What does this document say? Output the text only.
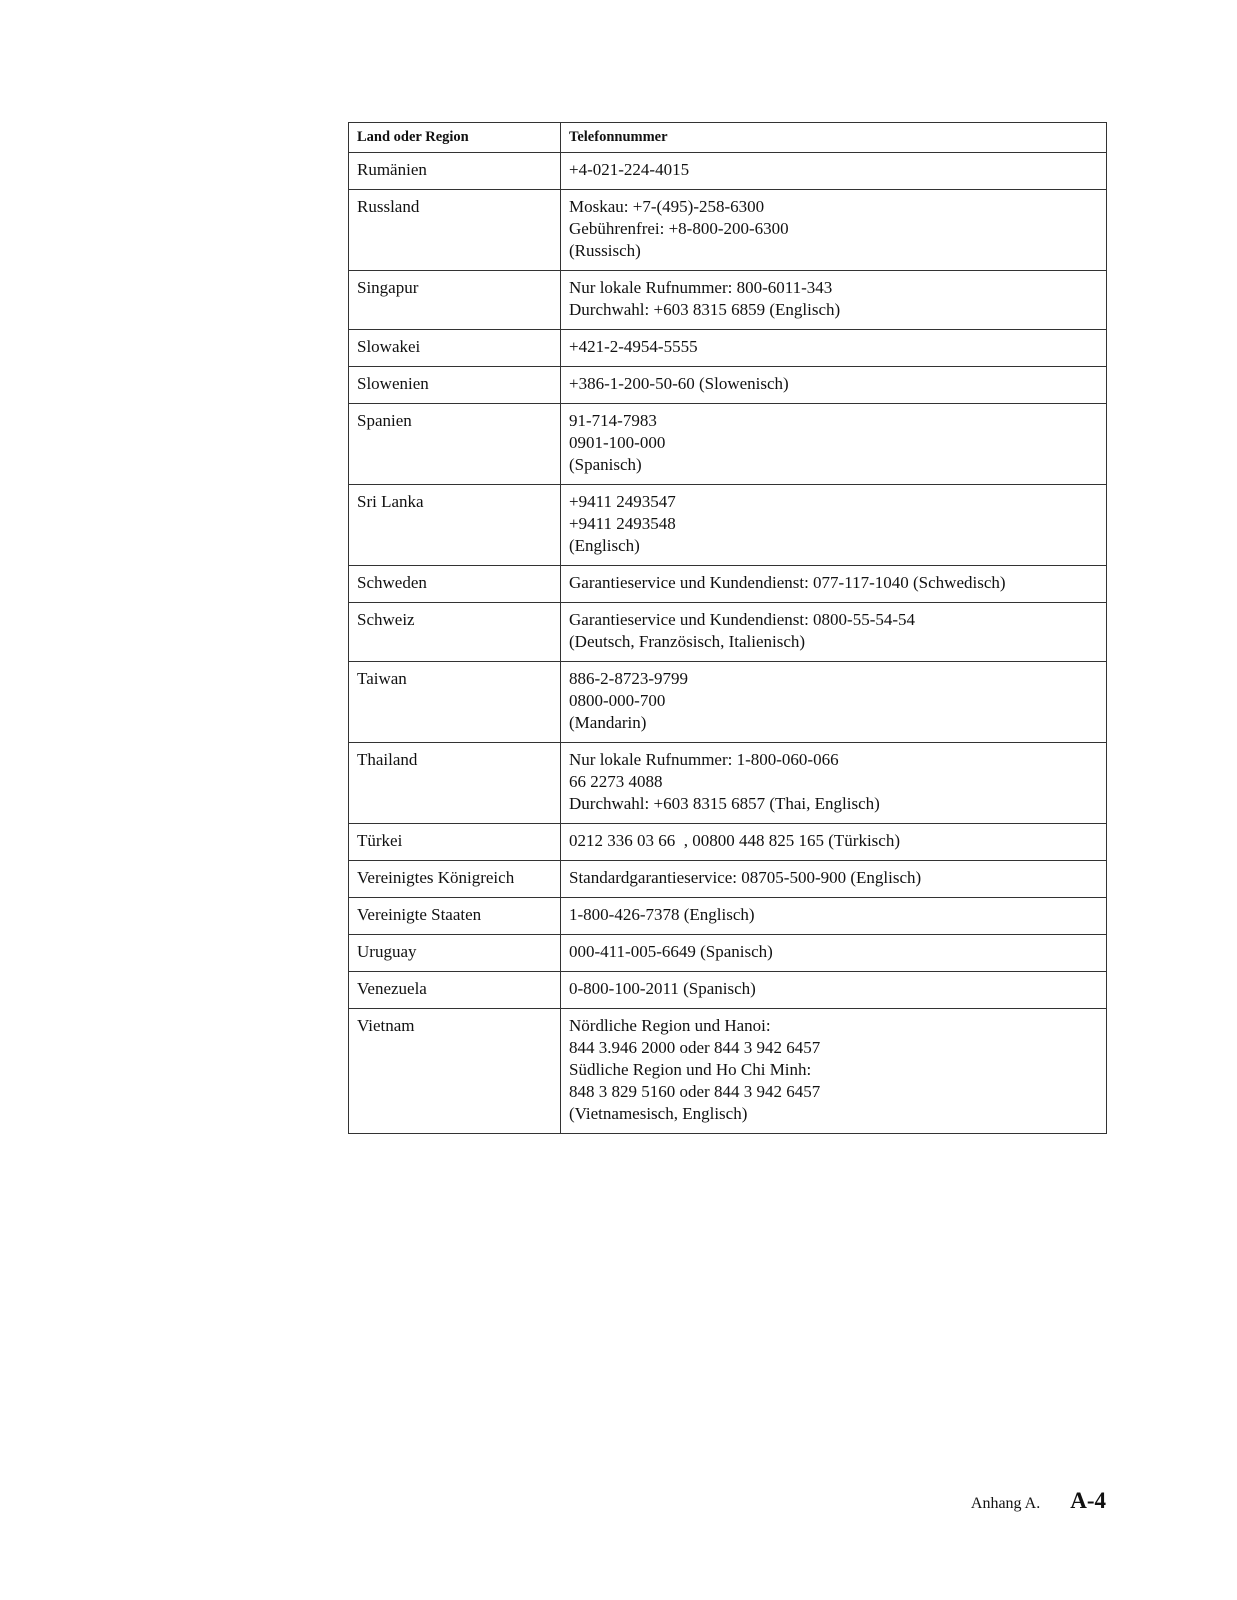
Land oder Region	Telefonnummer
Rumänien	+4-021-224-4015

Russland	Moskau: +7-(495)-258-6300
Gebührenfrei: +8-800-200-6300
(Russisch)

Singapur	Nur lokale Rufnummer: 800-6011-343
Durchwahl: +603 8315 6859 (Englisch)

Slowakei	+421-2-4954-5555

Slowenien	+386-1-200-50-60 (Slowenisch)

Spanien	91-714-7983
0901-100-000
(Spanisch)

Sri Lanka	+9411 2493547
+9411 2493548
(Englisch)

Schweden	Garantieservice und Kundendienst: 077-117-1040 (Schwedisch)

Schweiz	Garantieservice und Kundendienst: 0800-55-54-54
(Deutsch, Französisch, Italienisch)

Taiwan	886-2-8723-9799
0800-000-700
(Mandarin)

Thailand	Nur lokale Rufnummer: 1-800-060-066
66 2273 4088
Durchwahl: +603 8315 6857 (Thai, Englisch)

Türkei	0212 336 03 66  , 00800 448 825 165 (Türkisch)

Vereinigtes Königreich	Standardgarantieservice: 08705-500-900 (Englisch)

Vereinigte Staaten	1-800-426-7378 (Englisch)

Uruguay	000-411-005-6649 (Spanisch)

Venezuela	0-800-100-2011 (Spanisch)

Vietnam	Nördliche Region und Hanoi:
844 3.946 2000 oder 844 3 942 6457
Südliche Region und Ho Chi Minh:
848 3 829 5160 oder 844 3 942 6457
(Vietnamesisch, Englisch)
Anhang A. A-4
